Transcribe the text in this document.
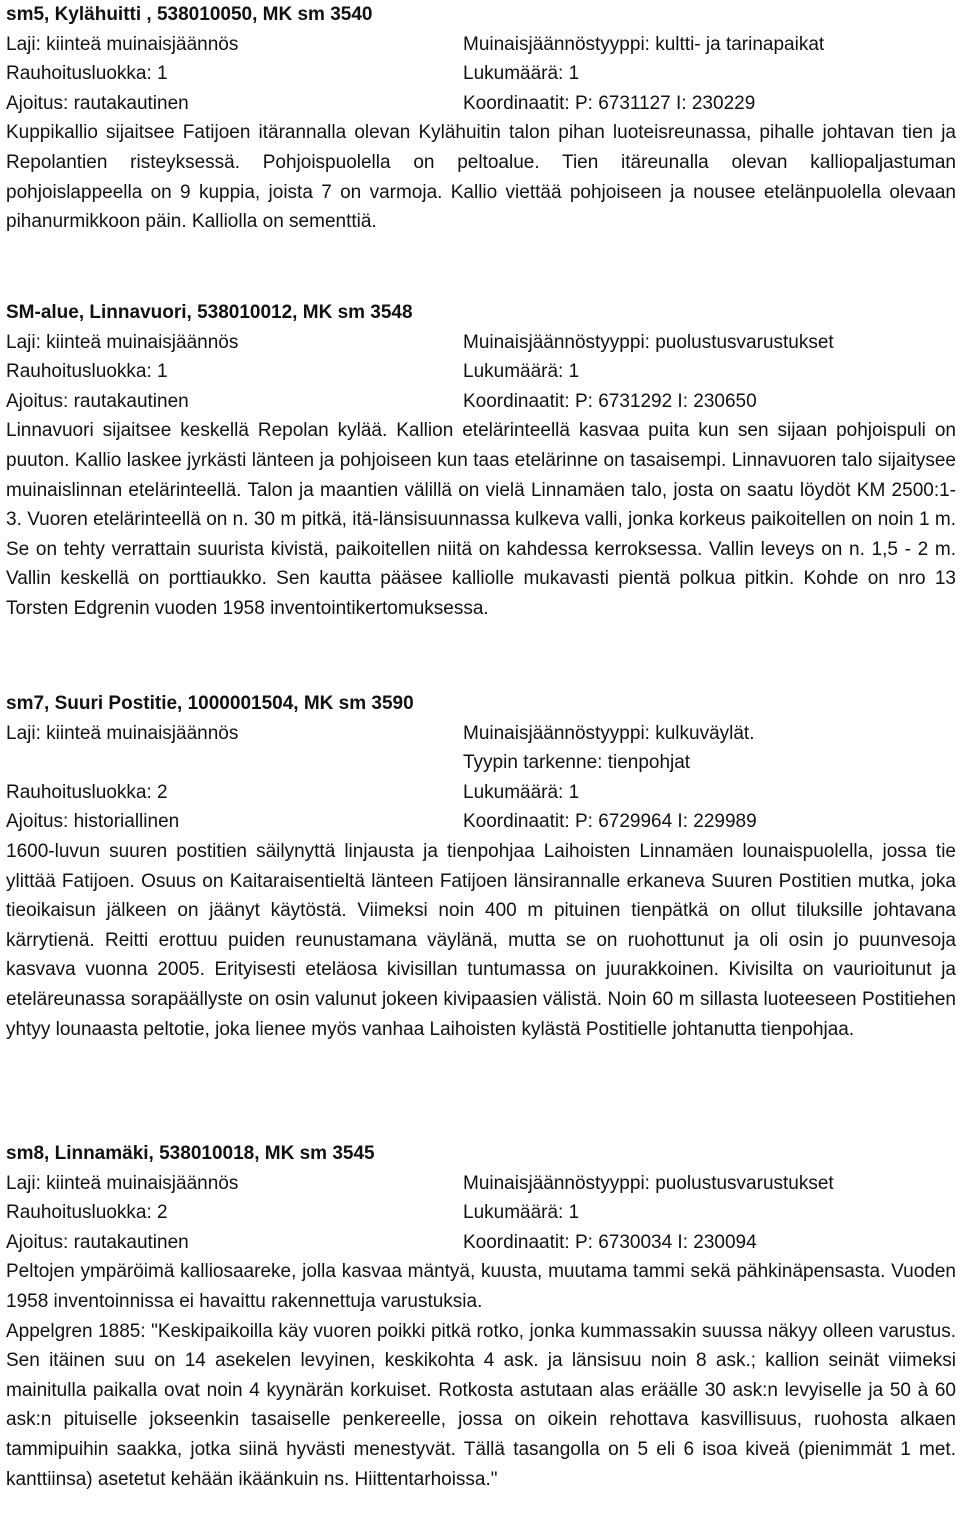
sm5, Kylähuitti , 538010050, MK sm 3540
Laji: kiinteä muinaisjäännös	Muinaisjäännöstyyppi: kultti- ja tarinapaikat
Rauhoitusluokka: 1	Lukumäärä: 1
Ajoitus: rautakautinen	Koordinaatit: P: 6731127 I: 230229

Kuppikallio sijaitsee Fatijoen itärannalla olevan Kylähuitin talon pihan luoteisreunassa, pihalle johtavan tien ja Repolantien risteyksessä. Pohjoispuolella on peltoalue. Tien itäreunalla olevan kalliopaljastuman pohjoislappeella on 9 kuppia, joista 7 on varmoja. Kallio viettää pohjoiseen ja nousee etelänpuolella olevaan pihanurmikkoon päin. Kalliolla on sementtiä.

SM-alue, Linnavuori, 538010012, MK sm 3548
Laji: kiinteä muinaisjäännös	Muinaisjäännöstyyppi: puolustusvarustukset
Rauhoitusluokka: 1	Lukumäärä: 1
Ajoitus: rautakautinen	Koordinaatit: P: 6731292 I: 230650

Linnavuori sijaitsee keskellä Repolan kylää. Kallion etelärinteellä kasvaa puita kun sen sijaan pohjoispuli on puuton. Kallio laskee jyrkästi länteen ja pohjoiseen kun taas etelärinne on tasaisempi. Linnavuoren talo sijaitysee muinaislinnan etelärinteellä. Talon ja maantien välillä on vielä Linnamäen talo, josta on saatu löydöt KM 2500:1-3. Vuoren etelärinteellä on n. 30 m pitkä, itä-länsisuunnassa kulkeva valli, jonka korkeus paikoitellen on noin 1 m. Se on tehty verrattain suurista kivistä, paikoitellen niitä on kahdessa kerroksessa. Vallin leveys on n. 1,5 - 2 m. Vallin keskellä on porttiaukko. Sen kautta pääsee kalliolle mukavasti pientä polkua pitkin. Kohde on nro 13 Torsten Edgrenin vuoden 1958 inventointikertomuksessa.

sm7, Suuri Postitie, 1000001504, MK sm 3590
Laji: kiinteä muinaisjäännös	Muinaisjäännöstyyppi: kulkuväylät.
Tyypin tarkenne: tienpohjat
Rauhoitusluokka: 2	Lukumäärä: 1
Ajoitus: historiallinen	Koordinaatit: P: 6729964 I: 229989

1600-luvun suuren postitien säilynyttä linjausta ja tienpohjaa Laihoisten Linnamäen lounaispuolella, jossa tie ylittää Fatijoen. Osuus on Kaitaraisentieltä länteen Fatijoen länsirannalle erkaneva Suuren Postitien mutka, joka tieoikaisun jälkeen on jäänyt käytöstä. Viimeksi noin 400 m pituinen tienpätkä on ollut tiluksille johtavana kärrytienä. Reitti erottuu puiden reunustamana väylänä, mutta se on ruohottunut ja oli osin jo puunvesoja kasvava vuonna 2005. Erityisesti eteläosa kivisillan tuntumassa on juurakkoinen. Kivisilta on vaurioitunut ja eteläreunassa sorapäällyste on osin valunut jokeen kivipaasien välistä. Noin 60 m sillasta luoteeseen Postitiehen yhtyy lounaasta peltotie, joka lienee myös vanhaa Laihoisten kylästä Postitielle johtanutta tienpohjaa.

sm8, Linnamäki, 538010018, MK sm 3545
Laji: kiinteä muinaisjäännös	Muinaisjäännöstyyppi: puolustusvarustukset
Rauhoitusluokka: 2	Lukumäärä: 1
Ajoitus: rautakautinen	Koordinaatit: P: 6730034 I: 230094

Peltojen ympäröimä kalliosaareke, jolla kasvaa mäntyä, kuusta, muutama tammi sekä pähkinäpensasta. Vuoden 1958 inventoinnissa ei havaittu rakennettuja varustuksia.

Appelgren 1885: "Keskipaikoilla käy vuoren poikki pitkä rotko, jonka kummassakin suussa näkyy olleen varustus. Sen itäinen suu on 14 asekelen levyinen, keskikohta 4 ask. ja länsisuu noin 8 ask.; kallion seinät viimeksi mainitulla paikalla ovat noin 4 kyynärän korkuiset. Rotkosta astutaan alas eräälle 30 ask:n levyiselle ja 50 à 60 ask:n pituiselle jokseenkin tasaiselle penkereelle, jossa on oikein rehottava kasvillisuus, ruohosta alkaen tammipuihin saakka, jotka siinä hyvästi menestyvät. Tällä tasangolla on 5 eli 6 isoa kiveä (pienimmät 1 met. kanttiinsa) asetetut kehään ikäänkuin ns. Hiittentarhoissa."
